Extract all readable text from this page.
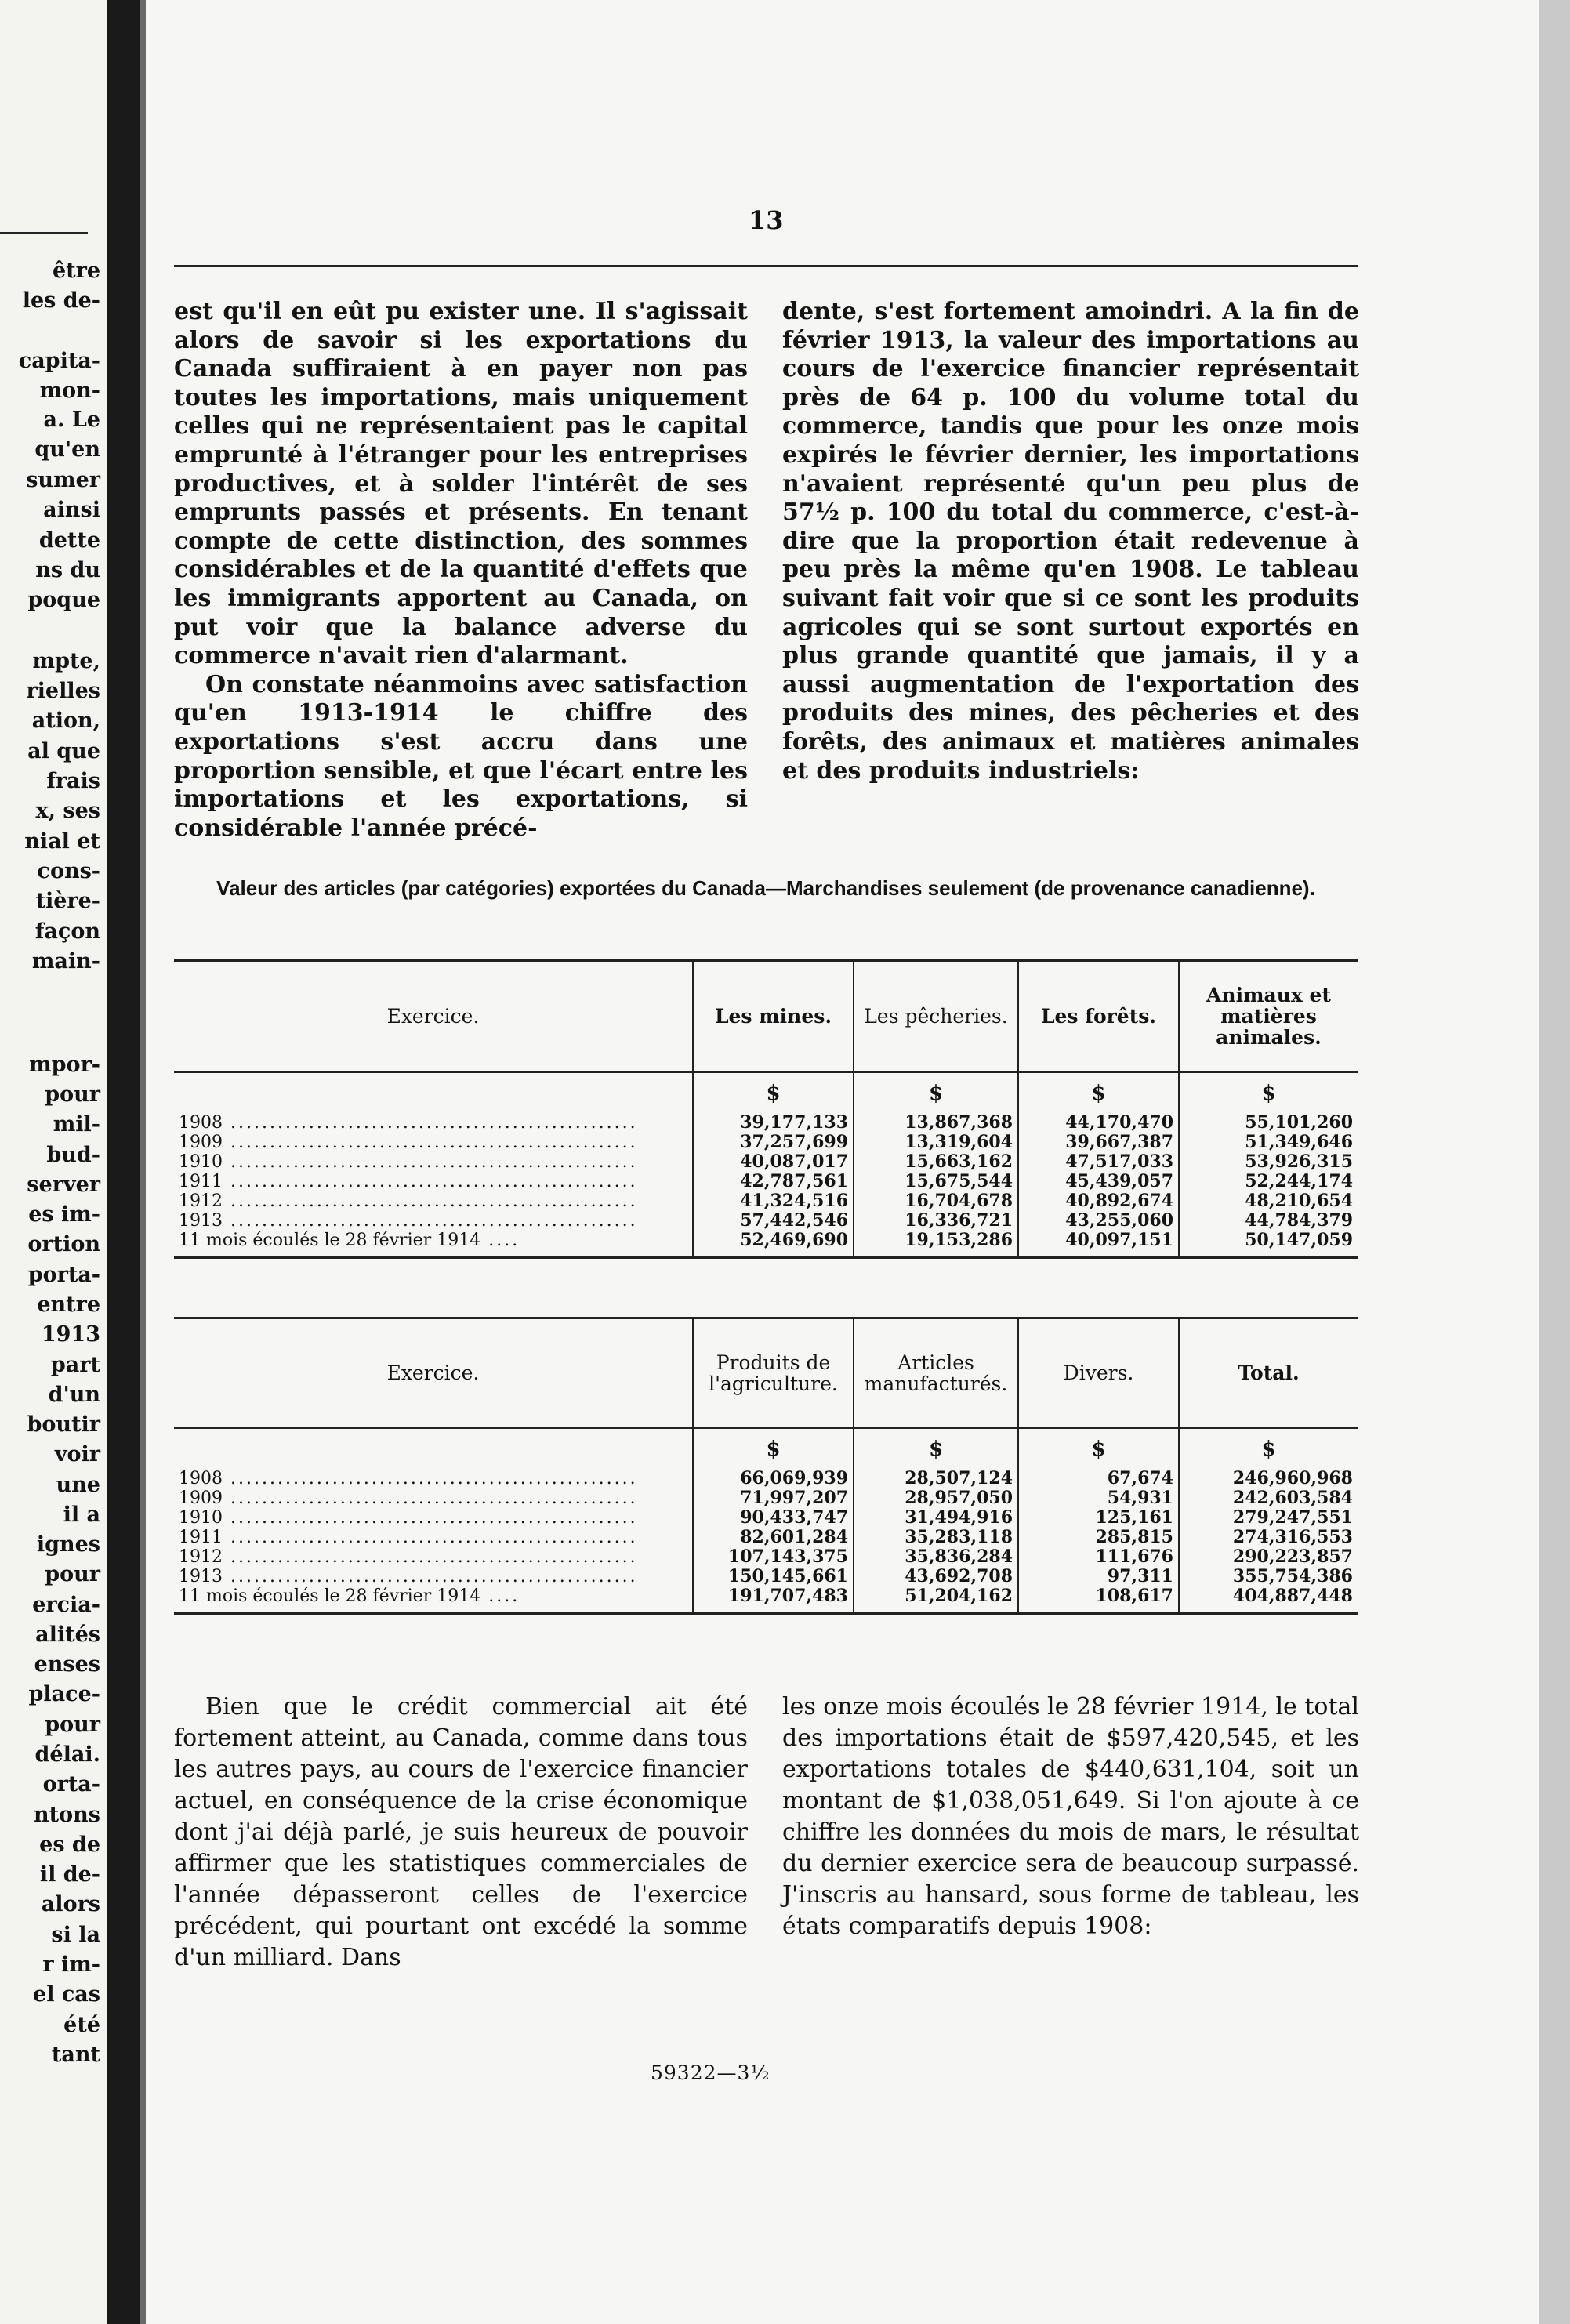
être
les de-
capita-
mon-
a. Le
qu'en
sumer
ainsi
dette
ns du
poque
mpte,
rielles
ation,
al que
frais
x, ses
nial et
cons-
tière-
façon
main-
mpor-
pour
mil-
bud-
server
es im-
ortion
porta-
entre
1913
part
d'un
boutir
voir
une
il a
ignes
pour
ercia-
alités
enses
place-
pour
délai.
orta-
ntons
es de
il de-
alors
si la
r im-
el cas
été
tant
13

est qu'il en eût pu exister une. Il s'agissait alors de savoir si les exportations du Canada suffiraient à en payer non pas toutes les importations, mais uniquement celles qui ne représentaient pas le capital emprunté à l'étranger pour les entreprises productives, et à solder l'intérêt de ses emprunts passés et présents. En tenant compte de cette distinction, des sommes considérables et de la quantité d'effets que les immigrants apportent au Canada, on put voir que la balance adverse du commerce n'avait rien d'alarmant.

On constate néanmoins avec satisfaction qu'en 1913-1914 le chiffre des exportations s'est accru dans une proportion sensible, et que l'écart entre les importations et les exportations, si considérable l'année précé-

dente, s'est fortement amoindri. A la fin de février 1913, la valeur des importations au cours de l'exercice financier représentait près de 64 p. 100 du volume total du commerce, tandis que pour les onze mois expirés le février dernier, les importations n'avaient représenté qu'un peu plus de 57½ p. 100 du total du commerce, c'est-à-dire que la proportion était redevenue à peu près la même qu'en 1908. Le tableau suivant fait voir que si ce sont les produits agricoles qui se sont surtout exportés en plus grande quantité que jamais, il y a aussi augmentation de l'exportation des produits des mines, des pêcheries et des forêts, des animaux et matières animales et des produits industriels:

Valeur des articles (par catégories) exportées du Canada—Marchandises seulement (de provenance canadienne).
Exercice.	Les mines.	Les pêcheries.	Les forêts.	Animaux et matières animales.
	$	$	$	$
1908 ....................................................	39,177,133	13,867,368	44,170,470	55,101,260
1909 ....................................................	37,257,699	13,319,604	39,667,387	51,349,646
1910 ....................................................	40,087,017	15,663,162	47,517,033	53,926,315
1911 ....................................................	42,787,561	15,675,544	45,439,057	52,244,174
1912 ....................................................	41,324,516	16,704,678	40,892,674	48,210,654
1913 ....................................................	57,442,546	16,336,721	43,255,060	44,784,379
11 mois écoulés le 28 février 1914 ....	52,469,690	19,153,286	40,097,151	50,147,059
Exercice.	Produits de l'agriculture.	Articles manufacturés.	Divers.	Total.
	$	$	$	$
1908 ....................................................	66,069,939	28,507,124	67,674	246,960,968
1909 ....................................................	71,997,207	28,957,050	54,931	242,603,584
1910 ....................................................	90,433,747	31,494,916	125,161	279,247,551
1911 ....................................................	82,601,284	35,283,118	285,815	274,316,553
1912 ....................................................	107,143,375	35,836,284	111,676	290,223,857
1913 ....................................................	150,145,661	43,692,708	97,311	355,754,386
11 mois écoulés le 28 février 1914 ....	191,707,483	51,204,162	108,617	404,887,448

Bien que le crédit commercial ait été fortement atteint, au Canada, comme dans tous les autres pays, au cours de l'exercice financier actuel, en conséquence de la crise économique dont j'ai déjà parlé, je suis heureux de pouvoir affirmer que les statistiques commerciales de l'année dépasseront celles de l'exercice précédent, qui pourtant ont excédé la somme d'un milliard. Dans

les onze mois écoulés le 28 février 1914, le total des importations était de $597,420,545, et les exportations totales de $440,631,104, soit un montant de $1,038,051,649. Si l'on ajoute à ce chiffre les données du mois de mars, le résultat du dernier exercice sera de beaucoup surpassé. J'inscris au hansard, sous forme de tableau, les états comparatifs depuis 1908:

59322—3½
